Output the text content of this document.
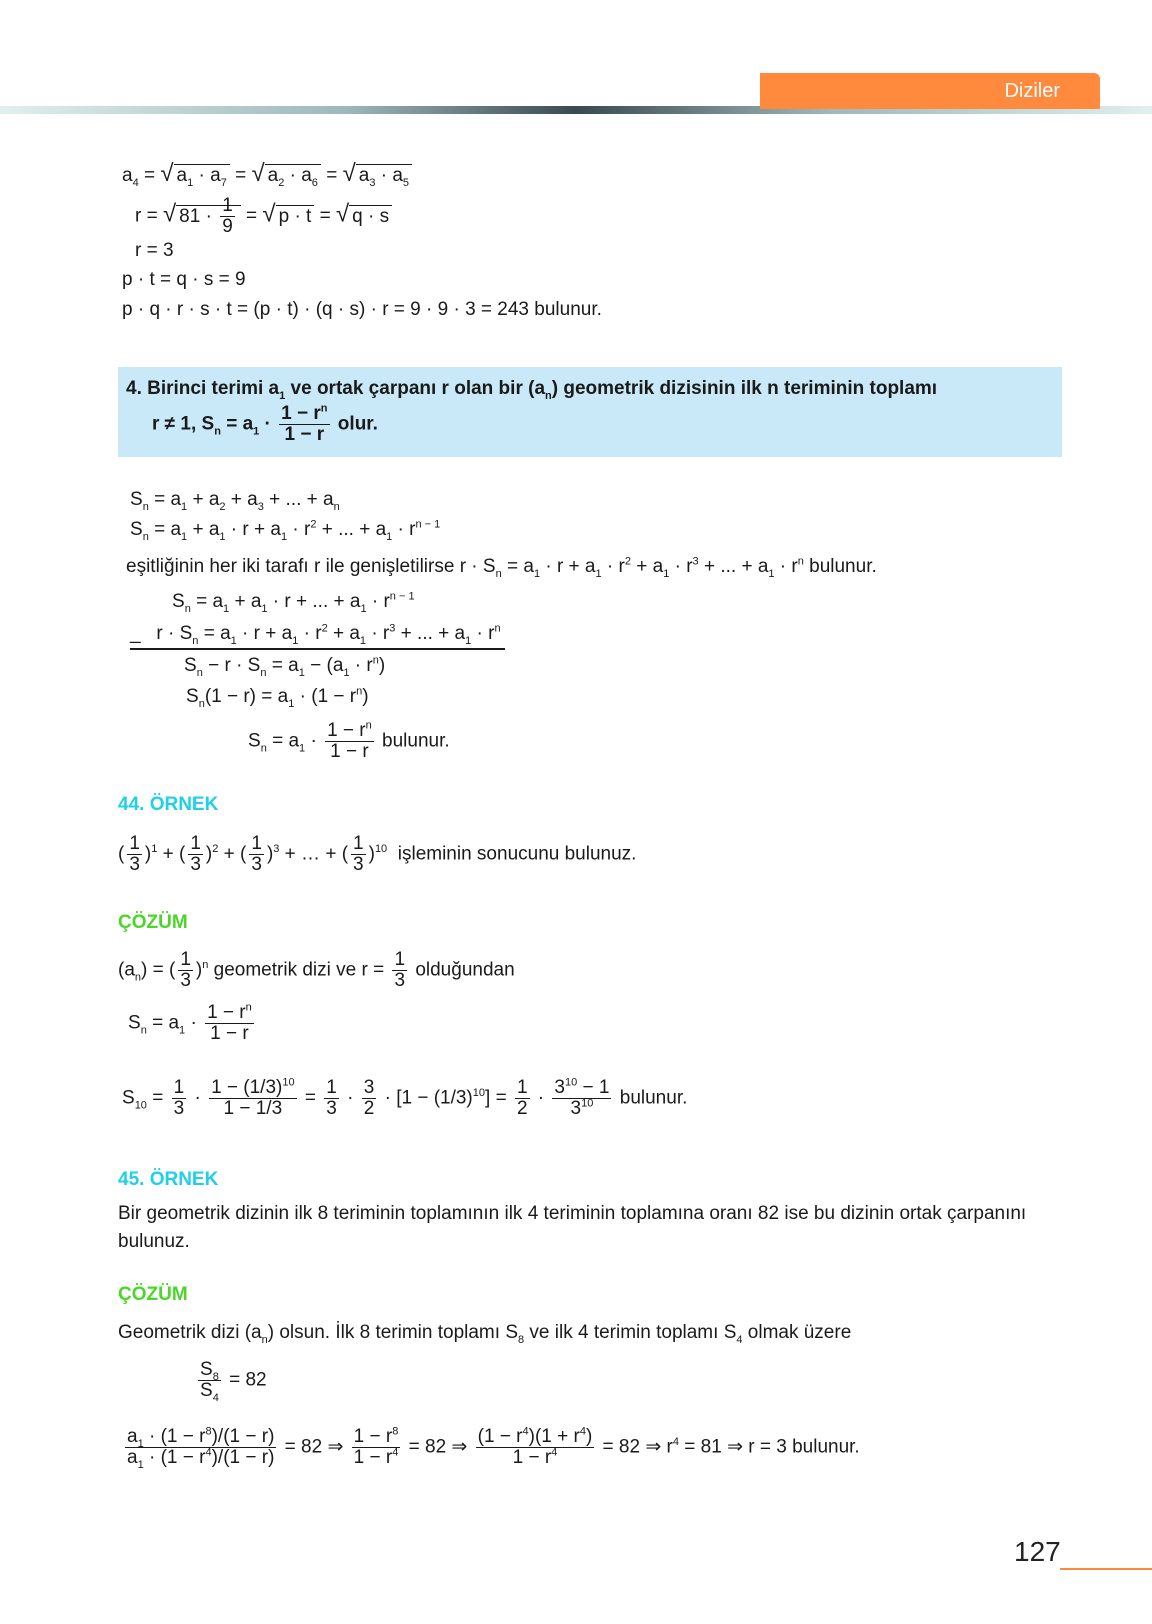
Diziler
$a_4$ = √ $a_1 \cdot a_7$ = √ $a_2 \cdot a_6$ = √ $a_3 \cdot a_5$
r = √ $81 \cdot \frac{1}{9}$ = √ p · t = √ q · s
r = 3
p · t = q · s = 9
p · q · r · s · t = (p · t) · (q · s) · r = 9 · 9 · 3 = 243 bulunur.
4. Birinci terimi $a_1$ ve ortak çarpanı r olan bir $(a_n)$ geometrik dizisinin ilk n teriminin toplamı
r ≠ 1, $S_n = a_1 \cdot \frac{1 - r^n}{1 - r}$ olur.
$S_n = a_1 + a_2 + a_3$ + ... + $a_n$
$S_n = a_1 + a_1 \cdot r + a_1 \cdot r^2$ + ... + $a_1 \cdot r^{n - 1}$
eşitliğinin her iki tarafı r ile genişletilirse $r \cdot S_n = a_1 \cdot r + a_1 \cdot r^2 + a_1 \cdot r^3$ + ... + $a_1 \cdot r^n$ bulunur.
$S_n = a_1 + a_1 \cdot r$ + ... + $a_1 \cdot r^{n - 1}$
_   $r \cdot S_n = a_1 \cdot r + a_1 \cdot r^2 + a_1 \cdot r^3$ + ... + $a_1 \cdot r^n$
$S_n - r \cdot S_n = a_1 - (a_1 \cdot r^n)$
$S_n(1 - r) = a_1 \cdot (1 - r^n)$
$S_n = a_1 \cdot \frac{1 - r^n}{1 - r}$ bulunur.
44. ÖRNEK
( $\frac{1}{3} )^1$ + ( $\frac{1}{3} )^2$ + ( $\frac{1}{3} )^3$ + … + ( $\frac{1}{3} )^{10}$  işleminin sonucunu bulunuz.
ÇÖZÜM
$(a_n)$ = ( $\frac{1}{3} )^n$ geometrik dizi ve $r = \frac{1}{3}$ olduğundan
$S_n = a_1 \cdot \frac{1 - r^n}{1 - r}$
$S_{10} = \frac{1}{3} \cdot \frac{1 - (1/3)^{10}}{1 - 1/3} = \frac{1}{3} \cdot \frac{3}{2} \cdot [1 - (1/3)^{10}] = \frac{1}{2} \cdot \frac{3^{10} - 1}{3^{10}}$ bulunur.
45. ÖRNEK
Bir geometrik dizinin ilk 8 teriminin toplamının ilk 4 teriminin toplamına oranı 82 ise bu dizinin ortak çarpanını bulunuz.
ÇÖZÜM
Geometrik dizi $(a_n)$ olsun. İlk 8 terimin toplamı $S_8$ ve ilk 4 terimin toplamı $S_4$ olmak üzere
$\frac{S_8}{S_4} = 82$
$\frac{a_1 \cdot (1 - r^8)/(1 - r)}{a_1 \cdot (1 - r^4)/(1 - r)} = 82$ ⇒ $\frac{1 - r^8}{1 - r^4} = 82$ ⇒ $\frac{(1 - r^4)(1 + r^4)}{1 - r^4} = 82$ ⇒ $r^4 = 81$ ⇒ r = 3 bulunur.
127
